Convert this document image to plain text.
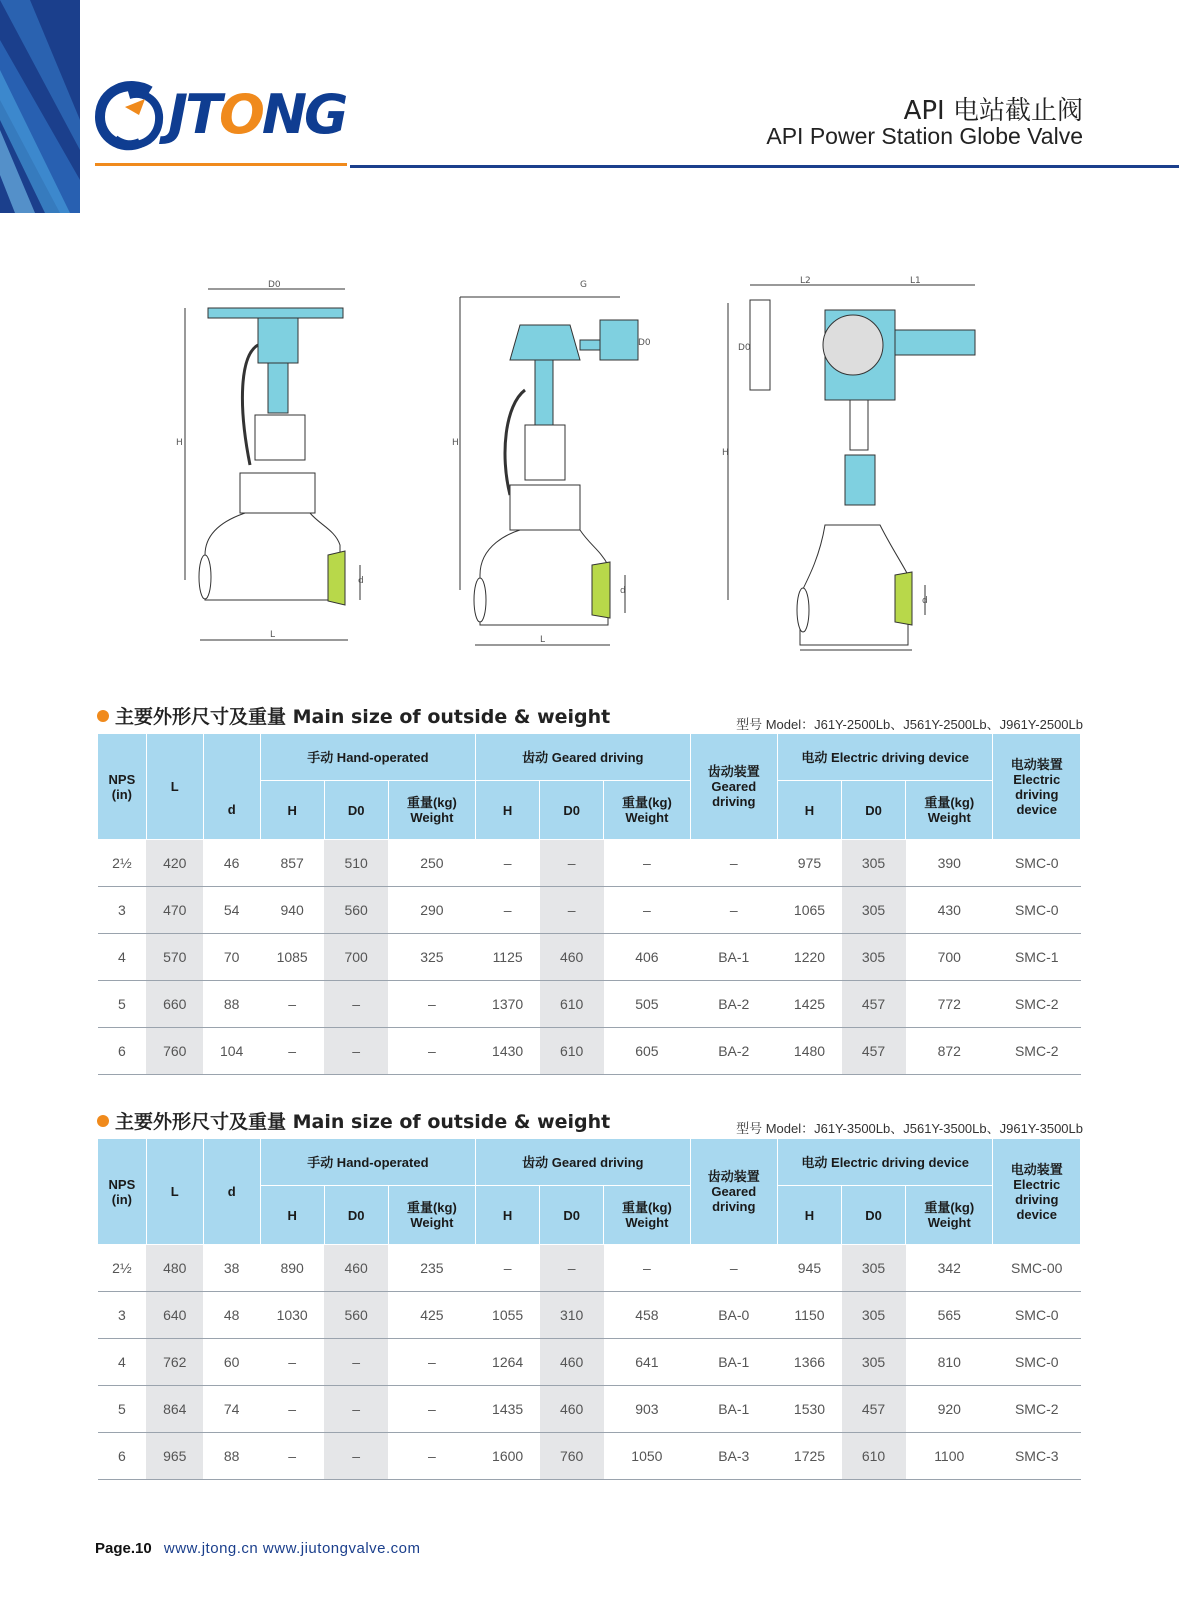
JTONG	API 电站截止阀
API Power Station Globe Valve
D0
H
L
d
G
H
D0
L
d
L2	L1
H
D0
d
主要外形尺寸及重量 Main size of outside & weight	型号 Model：J61Y-2500Lb、J561Y-2500Lb、J961Y-2500Lb
NPS (in)	L	d	手动 Hand-operated			齿动 Geared driving			齿动装置 Geared driving	电动 Electric driving device			电动装置 Electric driving device
			H	D0	重量(kg) Weight	H	D0	重量(kg) Weight		H	D0	重量(kg) Weight	
2½	420	46	857	510	250	–	–	–	–	975	305	390	SMC-0
3	470	54	940	560	290	–	–	–	–	1065	305	430	SMC-0
4	570	70	1085	700	325	1125	460	406	BA-1	1220	305	700	SMC-1
5	660	88	–	–	–	1370	610	505	BA-2	1425	457	772	SMC-2
6	760	104	–	–	–	1430	610	605	BA-2	1480	457	872	SMC-2
主要外形尺寸及重量 Main size of outside & weight	型号 Model：J61Y-3500Lb、J561Y-3500Lb、J961Y-3500Lb
NPS (in)	L	d	手动 Hand-operated			齿动 Geared driving			齿动装置 Geared driving	电动 Electric driving device			电动装置 Electric driving device
			H	D0	重量(kg) Weight	H	D0	重量(kg) Weight		H	D0	重量(kg) Weight	
2½	480	38	890	460	235	–	–	–	–	945	305	342	SMC-00
3	640	48	1030	560	425	1055	310	458	BA-0	1150	305	565	SMC-0
4	762	60	–	–	–	1264	460	641	BA-1	1366	305	810	SMC-0
5	864	74	–	–	–	1435	460	903	BA-1	1530	457	920	SMC-2
6	965	88	–	–	–	1600	760	1050	BA-3	1725	610	1100	SMC-3
Page.10 www.jtong.cn www.jiutongvalve.com
